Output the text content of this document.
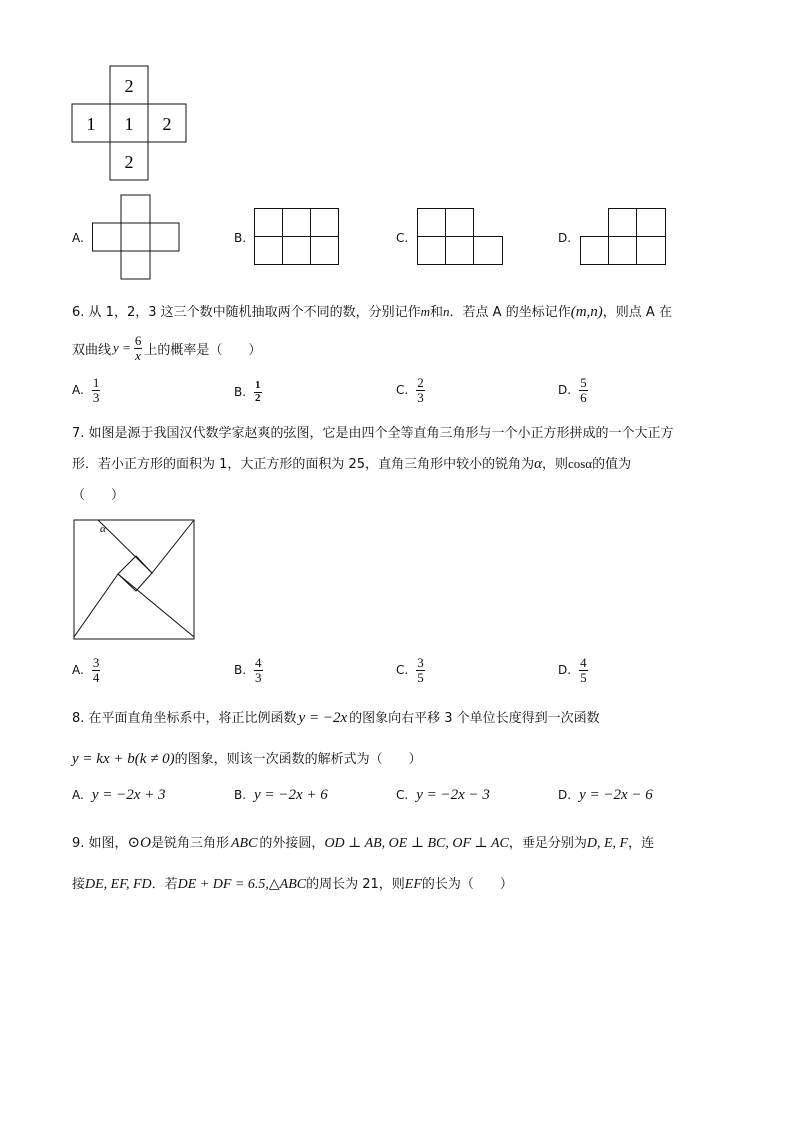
2
1 1 2
2
A.	B.	C.	D.
6. 从 1，2，3 这三个数中随机抽取两个不同的数，分别记作m和n．若点 A 的坐标记作(m,n)，则点 A 在
双曲线 $y = \frac{6}{x}$ 上的概率是（　　）
A. $\frac{1}{3}$	B. $\frac{1}{2}$	C. $\frac{2}{3}$	D. $\frac{5}{6}$
7. 如图是源于我国汉代数学家赵爽的弦图，它是由四个全等直角三角形与一个小正方形拼成的一个大正方
形．若小正方形的面积为 1，大正方形的面积为 25，直角三角形中较小的锐角为α，则cosα的值为
（　　）
α
A. $\frac{3}{4}$	B. $\frac{4}{3}$	C. $\frac{3}{5}$	D. $\frac{4}{5}$
8. 在平面直角坐标系中，将正比例函数 y = −2x 的图象向右平移 3 个单位长度得到一次函数
y = kx + b(k ≠ 0)的图象，则该一次函数的解析式为（　　）
A. y = −2x + 3	B. y = −2x + 6	C. y = −2x − 3	D. y = −2x − 6
9. 如图，⊙O是锐角三角形 ABC 的外接圆，OD ⊥ AB, OE ⊥ BC, OF ⊥ AC，垂足分别为D, E, F，连
接DE, EF, FD．若DE + DF = 6.5,△ABC的周长为 21，则EF的长为（　　）
